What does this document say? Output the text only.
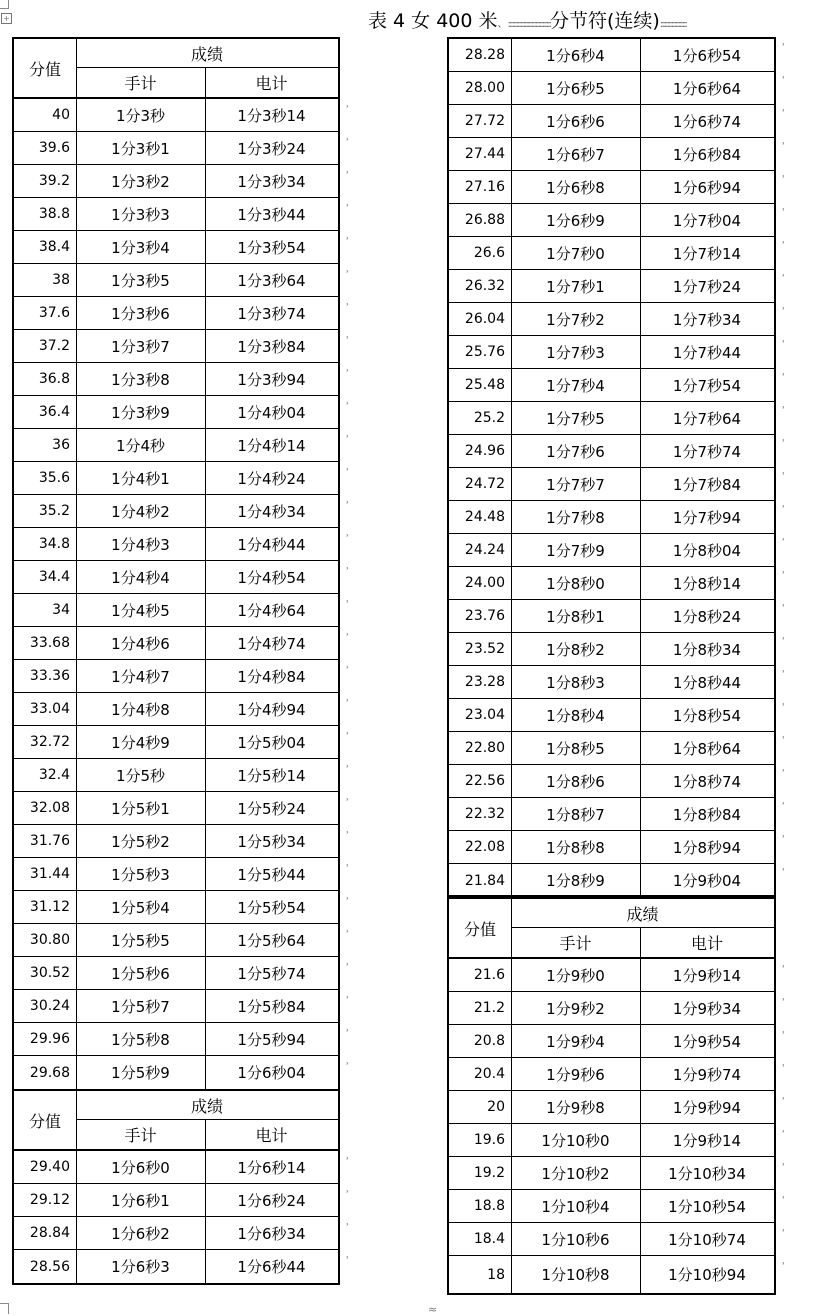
+	表 4 女 400 米、:::::::::::::::::::::::::::::::分节符(连续):::::::::::::::::::
分值
成绩
手计	电计
40	1分3秒	1分3秒14
39.6	1分3秒1	1分3秒24
39.2	1分3秒2	1分3秒34
38.8	1分3秒3	1分3秒44
38.4	1分3秒4	1分3秒54
38	1分3秒5	1分3秒64
37.6	1分3秒6	1分3秒74
37.2	1分3秒7	1分3秒84
36.8	1分3秒8	1分3秒94
36.4	1分3秒9	1分4秒04
36	1分4秒	1分4秒14
35.6	1分4秒1	1分4秒24
35.2	1分4秒2	1分4秒34
34.8	1分4秒3	1分4秒44
34.4	1分4秒4	1分4秒54
34	1分4秒5	1分4秒64
33.68	1分4秒6	1分4秒74
33.36	1分4秒7	1分4秒84
33.04	1分4秒8	1分4秒94
32.72	1分4秒9	1分5秒04
32.4	1分5秒	1分5秒14
32.08	1分5秒1	1分5秒24
31.76	1分5秒2	1分5秒34
31.44	1分5秒3	1分5秒44
31.12	1分5秒4	1分5秒54
30.80	1分5秒5	1分5秒64
30.52	1分5秒6	1分5秒74
30.24	1分5秒7	1分5秒84
29.96	1分5秒8	1分5秒94
29.68	1分5秒9	1分6秒04
ʾ
ʾ
ʾ
ʾ
ʾ
ʾ
ʾ
ʾ
ʾ
ʾ
ʾ
ʾ
ʾ
ʾ
ʾ
ʾ
ʾ
ʾ
ʾ
ʾ
ʾ
ʾ
ʾ
ʾ
ʾ
ʾ
ʾ
ʾ
ʾ
ʾ
分值
成绩
手计	电计
29.40	1分6秒0	1分6秒14
29.12	1分6秒1	1分6秒24
28.84	1分6秒2	1分6秒34
28.56	1分6秒3	1分6秒44
ʾ
ʾ
ʾ
ʾ
28.28	1分6秒4	1分6秒54
28.00	1分6秒5	1分6秒64
27.72	1分6秒6	1分6秒74
27.44	1分6秒7	1分6秒84
27.16	1分6秒8	1分6秒94
26.88	1分6秒9	1分7秒04
26.6	1分7秒0	1分7秒14
26.32	1分7秒1	1分7秒24
26.04	1分7秒2	1分7秒34
25.76	1分7秒3	1分7秒44
25.48	1分7秒4	1分7秒54
25.2	1分7秒5	1分7秒64
24.96	1分7秒6	1分7秒74
24.72	1分7秒7	1分7秒84
24.48	1分7秒8	1分7秒94
24.24	1分7秒9	1分8秒04
24.00	1分8秒0	1分8秒14
23.76	1分8秒1	1分8秒24
23.52	1分8秒2	1分8秒34
23.28	1分8秒3	1分8秒44
23.04	1分8秒4	1分8秒54
22.80	1分8秒5	1分8秒64
22.56	1分8秒6	1分8秒74
22.32	1分8秒7	1分8秒84
22.08	1分8秒8	1分8秒94
21.84	1分8秒9	1分9秒04
ʾ
ʾ
ʾ
ʾ
ʾ
ʾ
ʾ
ʾ
ʾ
ʾ
ʾ
ʾ
ʾ
ʾ
ʾ
ʾ
ʾ
ʾ
ʾ
ʾ
ʾ
ʾ
ʾ
ʾ
ʾ
ʾ
分值
成绩
手计	电计
21.6	1分9秒0	1分9秒14
21.2	1分9秒2	1分9秒34
20.8	1分9秒4	1分9秒54
20.4	1分9秒6	1分9秒74
20	1分9秒8	1分9秒94
19.6	1分10秒0	1分9秒14
19.2	1分10秒2	1分10秒34
18.8	1分10秒4	1分10秒54
18.4	1分10秒6	1分10秒74
18	1分10秒8	1分10秒94
ʾ
ʾ
ʾ
ʾ
ʾ
ʾ
ʾ
ʾ
ʾ
ʾ
≈
